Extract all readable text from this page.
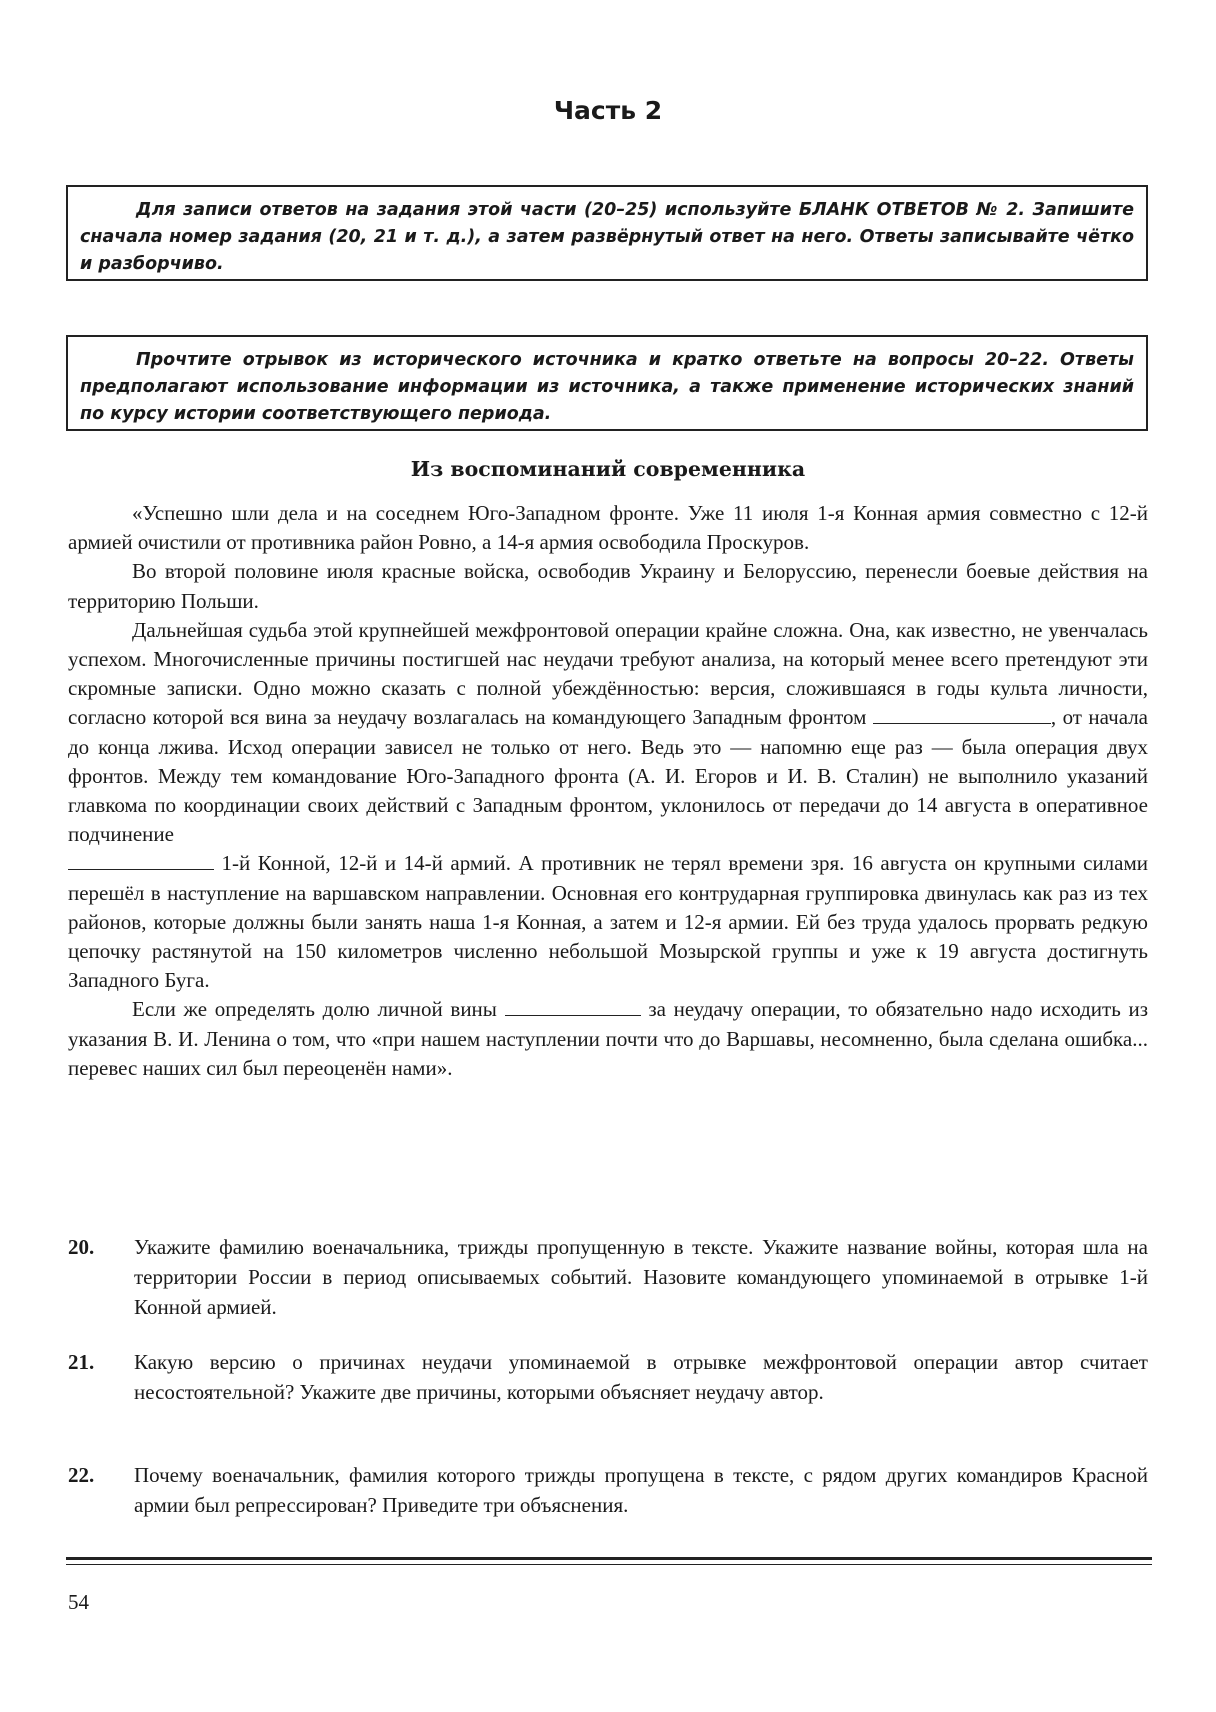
Часть 2
Для записи ответов на задания этой части (20–25) используйте БЛАНК ОТВЕТОВ № 2. Запишите сначала номер задания (20, 21 и т. д.), а затем развёрнутый ответ на него. Ответы записывайте чётко и разборчиво.
Прочтите отрывок из исторического источника и кратко ответьте на вопросы 20–22. Ответы предполагают использование информации из источника, а также применение исторических знаний по курсу истории соответствующего периода.
Из воспоминаний современника

«Успешно шли дела и на соседнем Юго-Западном фронте. Уже 11 июля 1-я Конная армия совместно с 12-й армией очистили от противника район Ровно, а 14-я армия освободила Проскуров.

Во второй половине июля красные войска, освободив Украину и Белоруссию, перенесли боевые действия на территорию Польши.

Дальнейшая судьба этой крупнейшей межфронтовой операции крайне сложна. Она, как известно, не увенчалась успехом. Многочисленные причины постигшей нас неудачи требуют анализа, на который менее всего претендуют эти скромные записки. Одно можно сказать с полной убеждённостью: версия, сложившаяся в годы культа личности, согласно которой вся вина за неудачу возлагалась на командующего Западным фронтом	, от начала до конца лжива. Исход операции зависел не только от него. Ведь это — напомню еще раз — была операция двух фронтов. Между тем командование Юго-Западного фронта (А. И. Егоров и И. В. Сталин) не выполнило указаний главкома по координации своих действий с Западным фронтом, уклонилось от передачи до 14 августа в оперативное подчинение
1-й Конной, 12-й и 14-й армий. А противник не терял времени зря. 16 августа он крупными силами перешёл в наступление на варшавском направлении. Основная его контрударная группировка двинулась как раз из тех районов, которые должны были занять наша 1-я Конная, а затем и 12-я армии. Ей без труда удалось прорвать редкую цепочку растянутой на 150 километров численно небольшой Мозырской группы и уже к 19 августа достигнуть Западного Буга.

Если же определять долю личной вины	за неудачу операции, то обязательно надо исходить из указания В. И. Ленина о том, что «при нашем наступлении почти что до Варшавы, несомненно, была сделана ошибка... перевес наших сил был переоценён нами».

20.	Укажите фамилию военачальника, трижды пропущенную в тексте. Укажите название войны, которая шла на территории России в период описываемых событий. Назовите командующего упоминаемой в отрывке 1-й Конной армией.
21.	Какую версию о причинах неудачи упоминаемой в отрывке межфронтовой операции автор считает несостоятельной? Укажите две причины, которыми объясняет неудачу автор.
22.	Почему военачальник, фамилия которого трижды пропущена в тексте, с рядом других командиров Красной армии был репрессирован? Приведите три объяснения.
54
